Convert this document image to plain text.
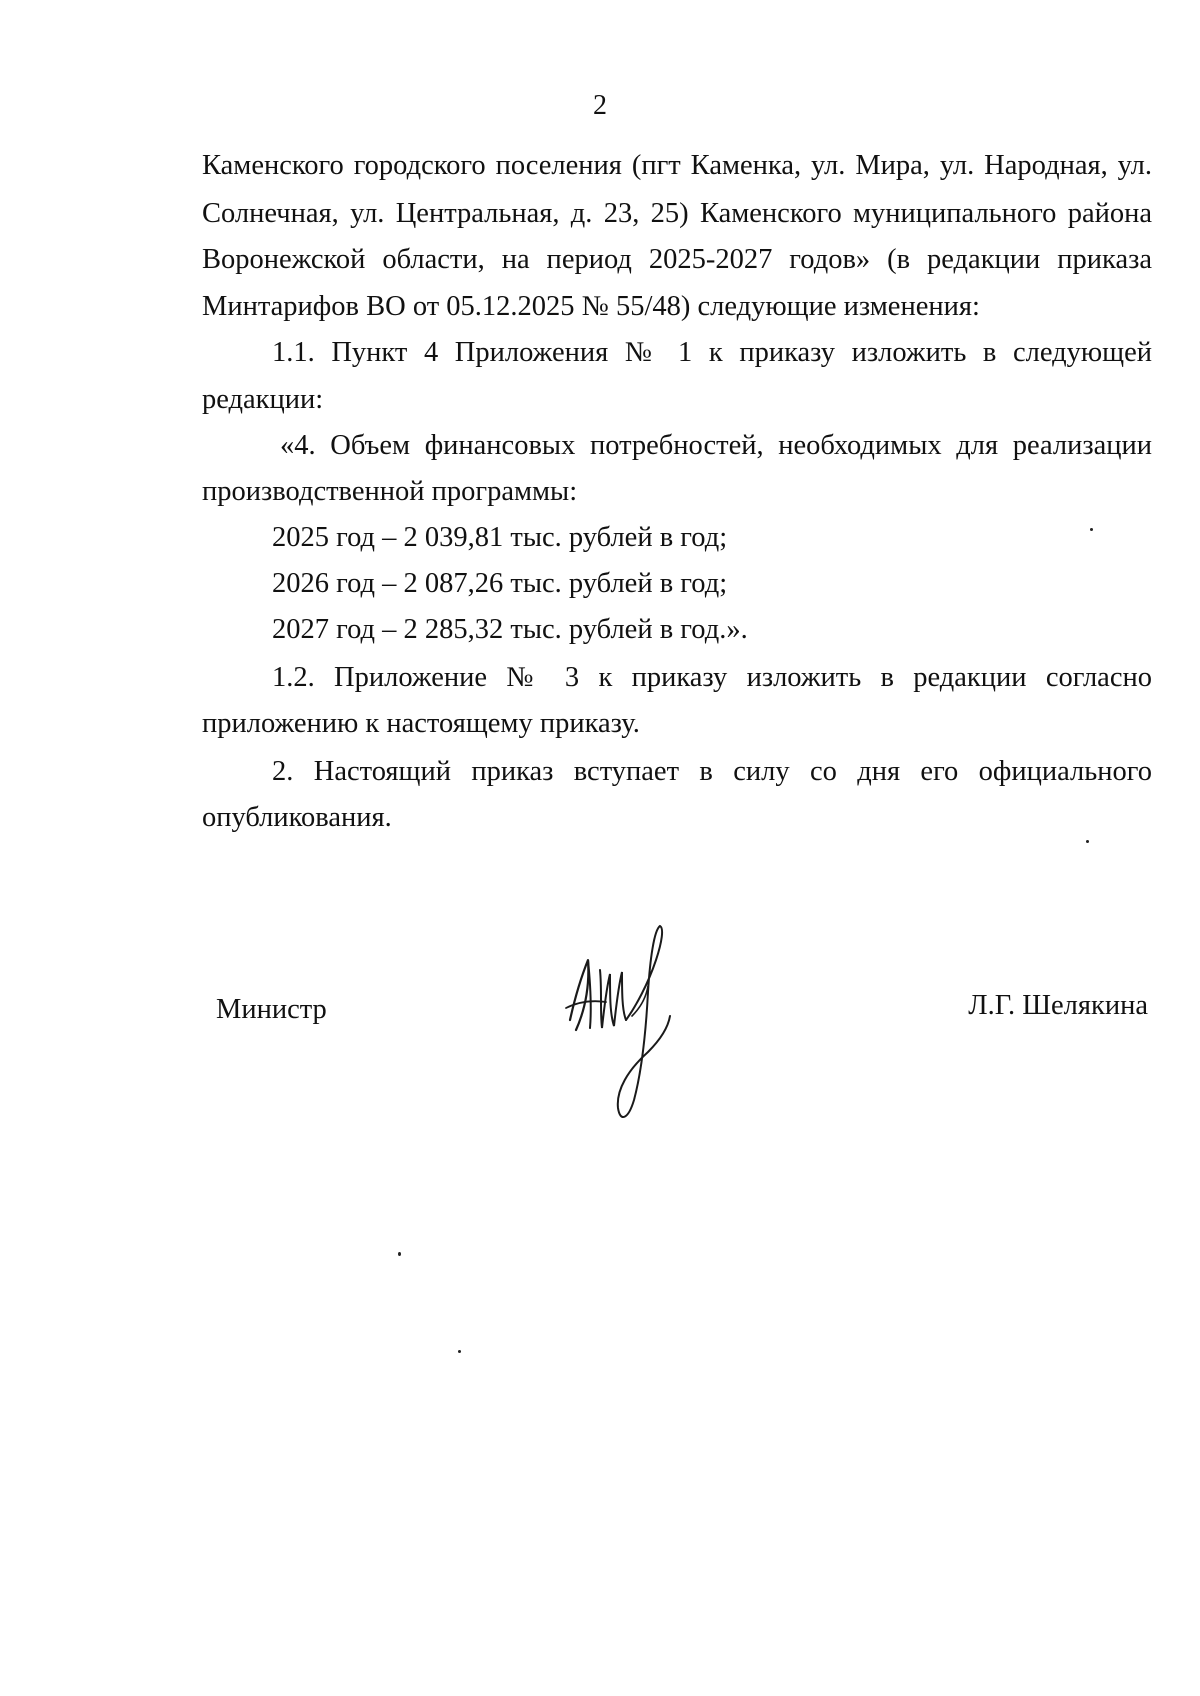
2
Каменского городского поселения (пгт Каменка, ул. Мира, ул. Народная, ул.
Солнечная, ул. Центральная, д. 23, 25) Каменского муниципального района
Воронежской области, на период 2025-2027 годов» (в редакции приказа
Минтарифов ВО от 05.12.2025 № 55/48) следующие изменения:
1.1. Пункт 4 Приложения № 1 к приказу изложить в следующей
редакции:
«4. Объем финансовых потребностей, необходимых для реализации
производственной программы:
2025 год – 2 039,81 тыс. рублей в год;
2026 год – 2 087,26 тыс. рублей в год;
2027 год – 2 285,32 тыс. рублей в год.».
1.2. Приложение № 3 к приказу изложить в редакции согласно
приложению к настоящему приказу.
2. Настоящий приказ вступает в силу со дня его официального
опубликования.
Министр	Л.Г. Шелякина
